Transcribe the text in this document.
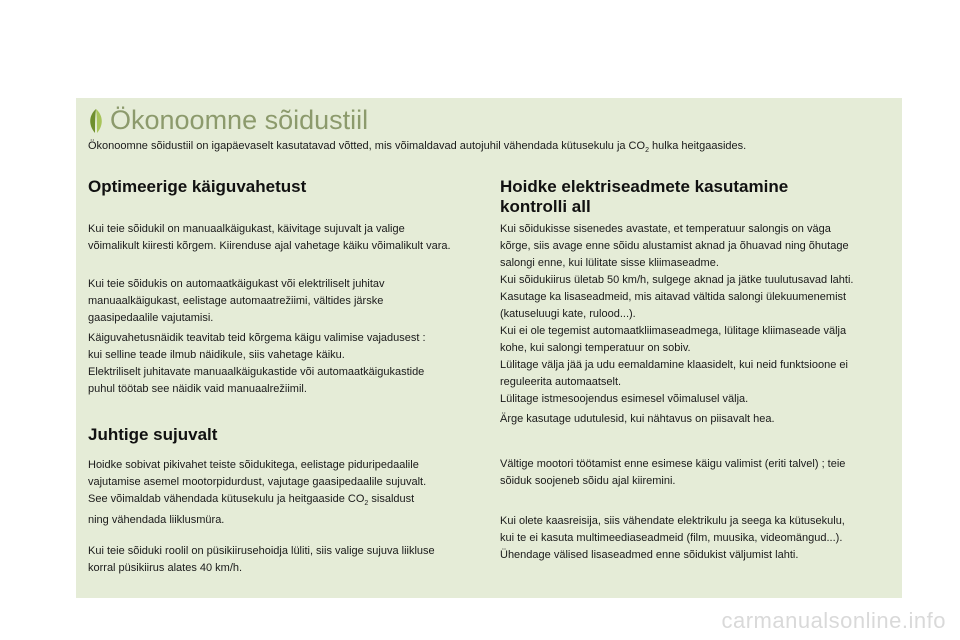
Ökonoomne sõidustiil
Ökonoomne sõidustiil on igapäevaselt kasutatavad võtted, mis võimaldavad autojuhil vähendada kütusekulu ja $CO_2$ hulka heitgaasides.
Optimeerige käiguvahetust
Kui teie sõidukil on manuaalkäigukast, käivitage sujuvalt ja valige
võimalikult kiiresti kõrgem. Kiirenduse ajal vahetage käiku võimalikult vara.
Kui teie sõidukis on automaatkäigukast või elektriliselt juhitav
manuaalkäigukast, eelistage automaatrežiimi, vältides järske
gaasipedaalile vajutamisi.
Käiguvahetusnäidik teavitab teid kõrgema käigu valimise vajadusest :
kui selline teade ilmub näidikule, siis vahetage käiku.
Elektriliselt juhitavate manuaalkäigukastide või automaatkäigukastide
puhul töötab see näidik vaid manuaalrežiimil.
Juhtige sujuvalt
Hoidke sobivat pikivahet teiste sõidukitega, eelistage piduripedaalile
vajutamise asemel mootorpidurdust, vajutage gaasipedaalile sujuvalt.
See võimaldab vähendada kütusekulu ja heitgaaside $CO_2$ sisaldust
ning vähendada liiklusmüra.
Kui teie sõiduki roolil on püsikiirusehoidja lüliti, siis valige sujuva liikluse
korral püsikiirus alates 40 km/h.
Hoidke elektriseadmete kasutamine
kontrolli all
Kui sõidukisse sisenedes avastate, et temperatuur salongis on väga
kõrge, siis avage enne sõidu alustamist aknad ja õhuavad ning õhutage
salongi enne, kui lülitate sisse kliimaseadme.
Kui sõidukiirus ületab 50 km/h, sulgege aknad ja jätke tuulutusavad lahti.
Kasutage ka lisaseadmeid, mis aitavad vältida salongi ülekuumenemist
(katuseluugi kate, rulood...).
Kui ei ole tegemist automaatkliimaseadmega, lülitage kliimaseade välja
kohe, kui salongi temperatuur on sobiv.
Lülitage välja jää ja udu eemaldamine klaasidelt, kui neid funktsioone ei
reguleerita automaatselt.
Lülitage istmesoojendus esimesel võimalusel välja.
Ärge kasutage udutulesid, kui nähtavus on piisavalt hea.
Vältige mootori töötamist enne esimese käigu valimist (eriti talvel) ; teie
sõiduk soojeneb sõidu ajal kiiremini.
Kui olete kaasreisija, siis vähendate elektrikulu ja seega ka kütusekulu,
kui te ei kasuta multimeediaseadmeid (film, muusika, videomängud...).
Ühendage välised lisaseadmed enne sõidukist väljumist lahti.
carmanualsonline.info
